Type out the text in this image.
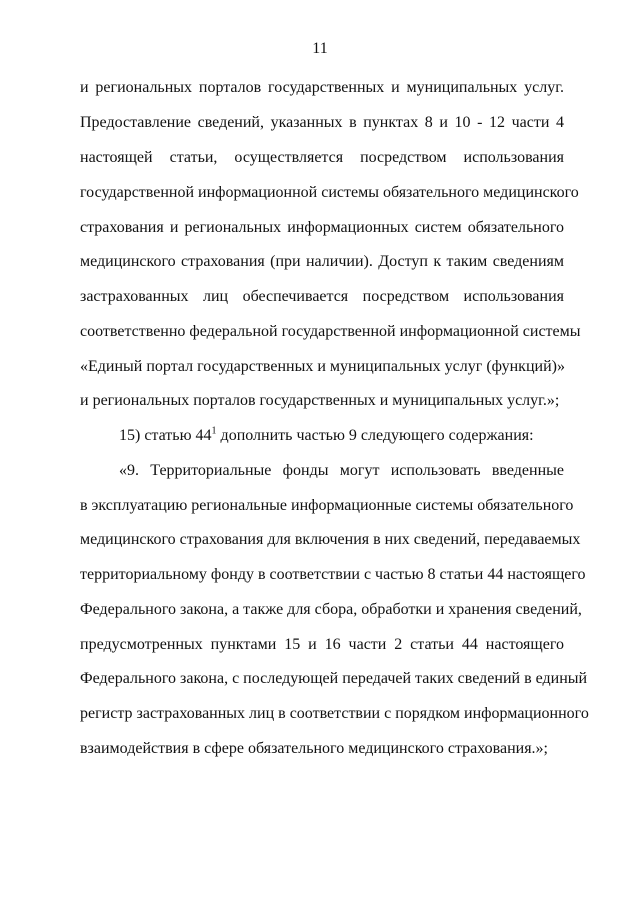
11
и региональных порталов государственных и муниципальных услуг.
Предоставление сведений, указанных в пунктах 8 и 10 - 12 части 4
настоящей статьи, осуществляется посредством использования
государственной информационной системы обязательного медицинского
страхования и региональных информационных систем обязательного
медицинского страхования (при наличии). Доступ к таким сведениям
застрахованных лиц обеспечивается посредством использования
соответственно федеральной государственной информационной системы
«Единый портал государственных и муниципальных услуг (функций)»
и региональных порталов государственных и муниципальных услуг.»;
15) статью $44^1$ дополнить частью 9 следующего содержания:
«9. Территориальные фонды могут использовать введенные
в эксплуатацию региональные информационные системы обязательного
медицинского страхования для включения в них сведений, передаваемых
территориальному фонду в соответствии с частью 8 статьи 44 настоящего
Федерального закона, а также для сбора, обработки и хранения сведений,
предусмотренных пунктами 15 и 16 части 2 статьи 44 настоящего
Федерального закона, с последующей передачей таких сведений в единый
регистр застрахованных лиц в соответствии с порядком информационного
взаимодействия в сфере обязательного медицинского страхования.»;
